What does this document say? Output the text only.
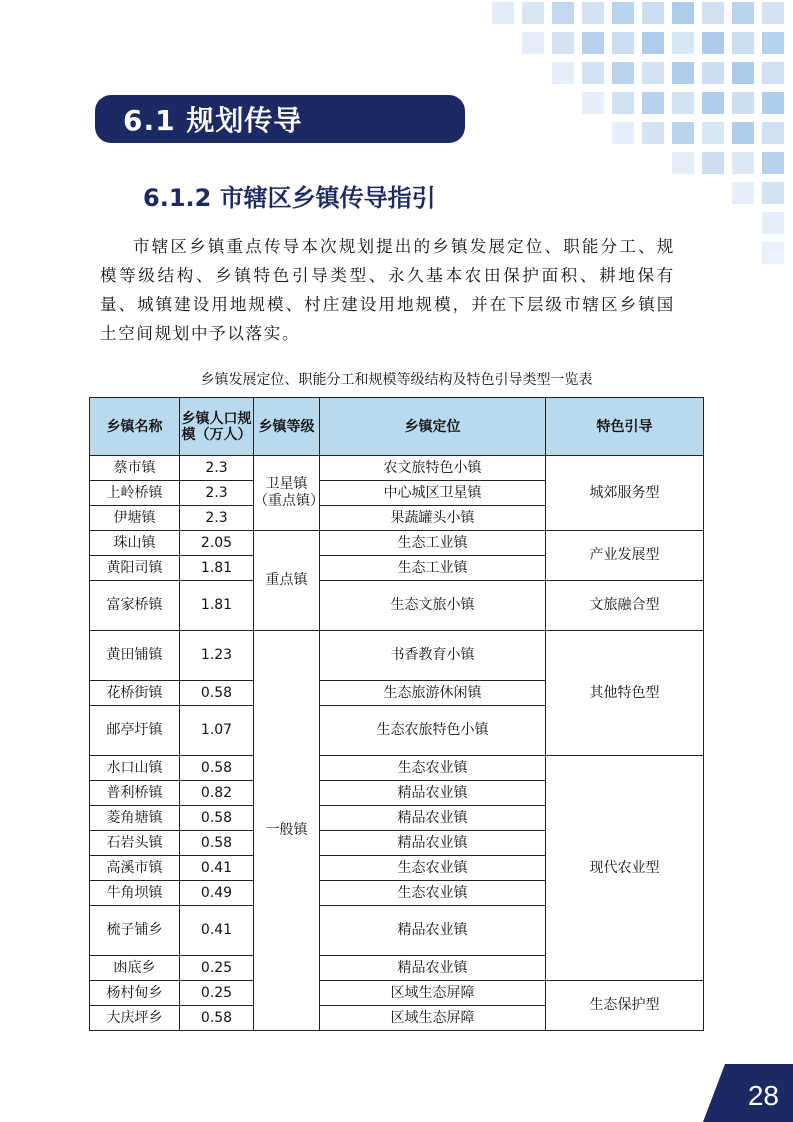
6.1 规划传导
6.1.2 市辖区乡镇传导指引

市辖区乡镇重点传导本次规划提出的乡镇发展定位、职能分工、规模等级结构、乡镇特色引导类型、永久基本农田保护面积、耕地保有量、城镇建设用地规模、村庄建设用地规模，并在下层级市辖区乡镇国土空间规划中予以落实。

乡镇发展定位、职能分工和规模等级结构及特色引导类型一览表
乡镇名称	乡镇人口规模（万人）	乡镇等级	乡镇定位	特色引导
蔡市镇	2.3	卫星镇（重点镇）	农文旅特色小镇	城郊服务型
上岭桥镇	2.3		中心城区卫星镇	
伊塘镇	2.3		果蔬罐头小镇	
珠山镇	2.05	重点镇	生态工业镇	产业发展型
黄阳司镇	1.81		生态工业镇	
富家桥镇	1.81		生态文旅小镇	文旅融合型
黄田铺镇	1.23	一般镇	书香教育小镇	其他特色型
花桥街镇	0.58		生态旅游休闲镇	
邮亭圩镇	1.07		生态农旅特色小镇	
水口山镇	0.58		生态农业镇	现代农业型
普利桥镇	0.82		精品农业镇	
菱角塘镇	0.58		精品农业镇	
石岩头镇	0.58		精品农业镇	
高溪市镇	0.41		生态农业镇	
牛角坝镇	0.49		生态农业镇	
梳子铺乡	0.41		精品农业镇	
凼底乡	0.25		精品农业镇	
杨村甸乡	0.25		区域生态屏障	生态保护型
大庆坪乡	0.58		区域生态屏障	
28
